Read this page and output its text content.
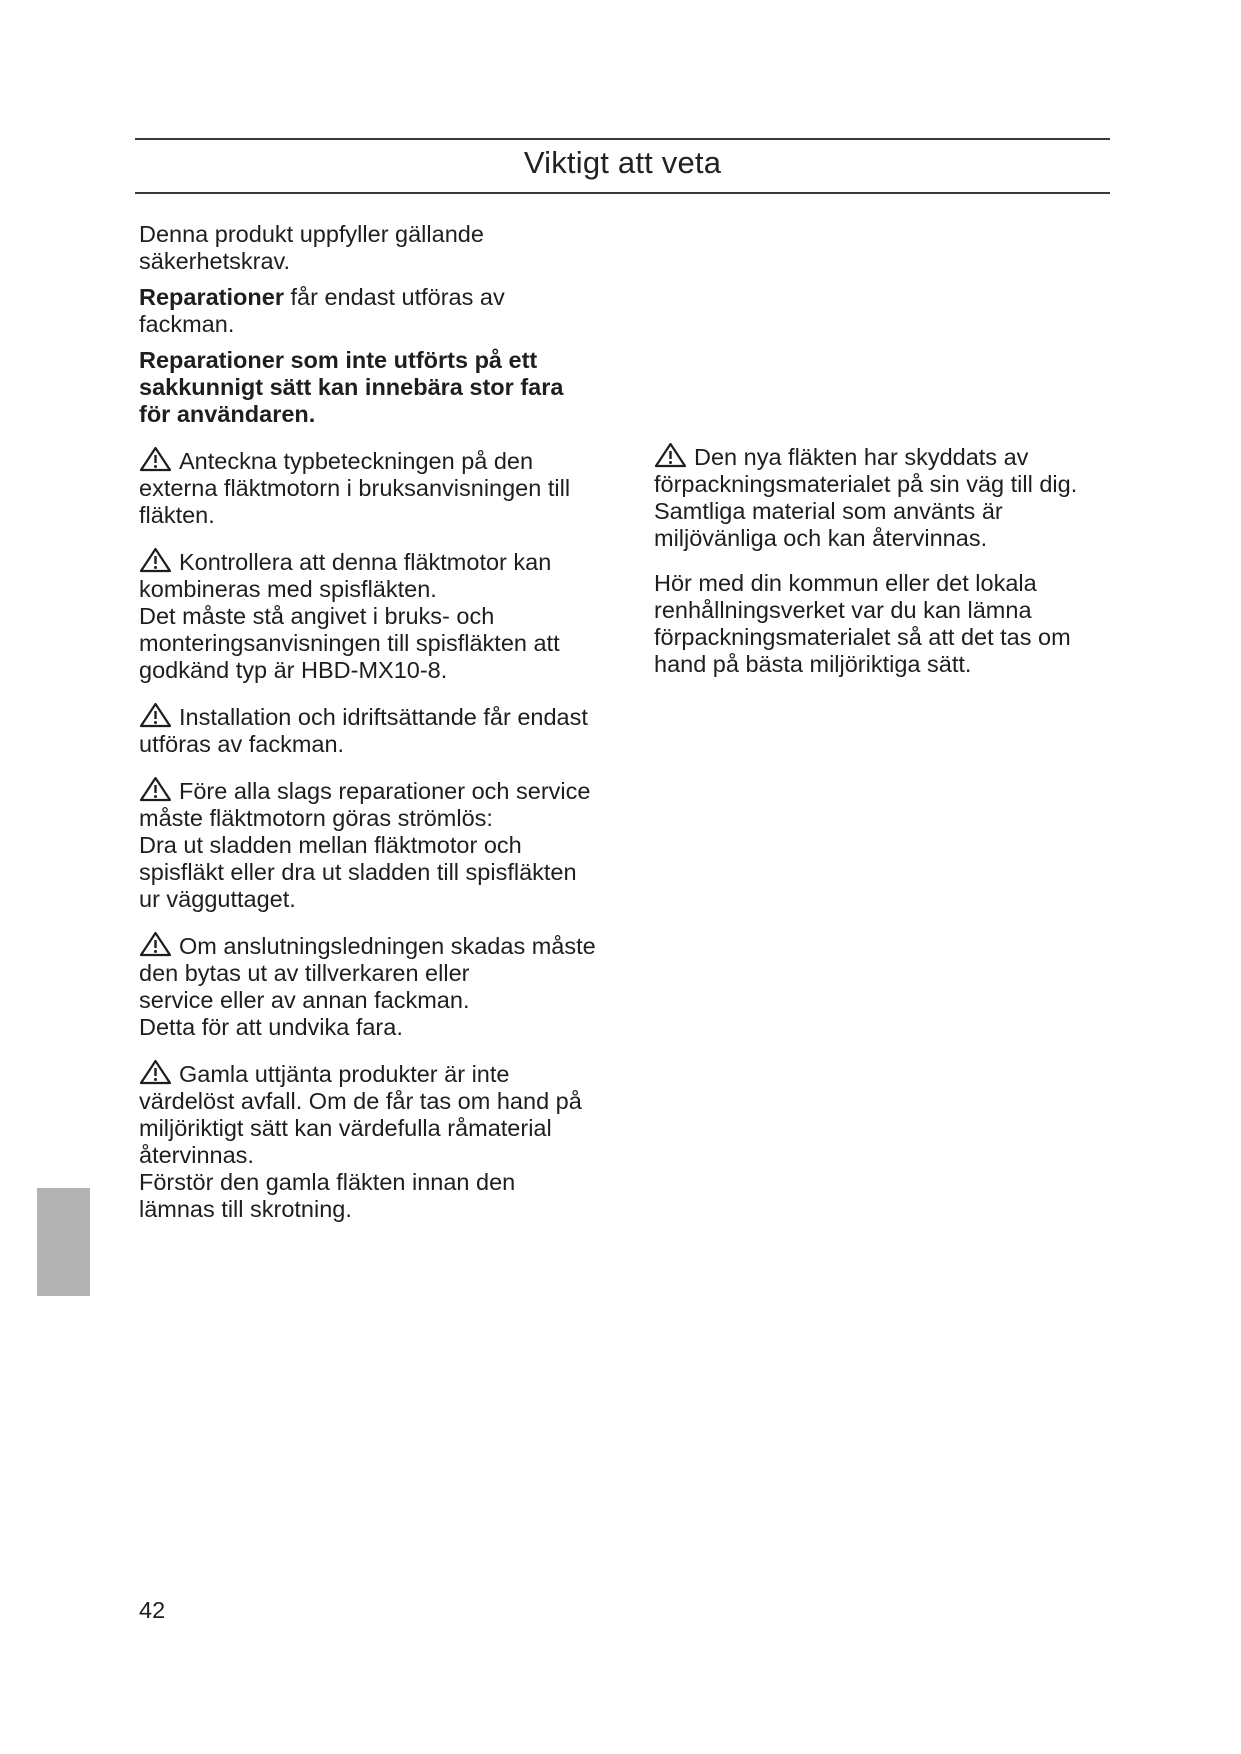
Viktigt att veta
Denna produkt uppfyller gällande
säkerhetskrav.
Reparationer får endast utföras av
fackman.
Reparationer som inte utförts på ett
sakkunnigt sätt kan innebära stor fara
för användaren.
Anteckna typbeteckningen på den
externa fläktmotorn i bruksanvisningen till
fläkten.
Kontrollera att denna fläktmotor kan
kombineras med spisfläkten.
Det måste stå angivet i bruks- och
monteringsanvisningen till spisfläkten att
godkänd typ är HBD-MX10-8.
Installation och idriftsättande får endast
utföras av fackman.
Före alla slags reparationer och service
måste fläktmotorn göras strömlös:
Dra ut sladden mellan fläktmotor och
spisfläkt eller dra ut sladden till spisfläkten
ur vägguttaget.
Om anslutningsledningen skadas måste
den bytas ut av tillverkaren eller
service eller av annan fackman.
Detta för att undvika fara.
Gamla uttjänta produkter är inte
värdelöst avfall. Om de får tas om hand på
miljöriktigt sätt kan värdefulla råmaterial
återvinnas.
Förstör den gamla fläkten innan den
lämnas till skrotning.
Den nya fläkten har skyddats av
förpackningsmaterialet på sin väg till dig.
Samtliga material som använts är
miljövänliga och kan återvinnas.
Hör med din kommun eller det lokala
renhållningsverket var du kan lämna
förpackningsmaterialet så att det tas om
hand på bästa miljöriktiga sätt.
42
